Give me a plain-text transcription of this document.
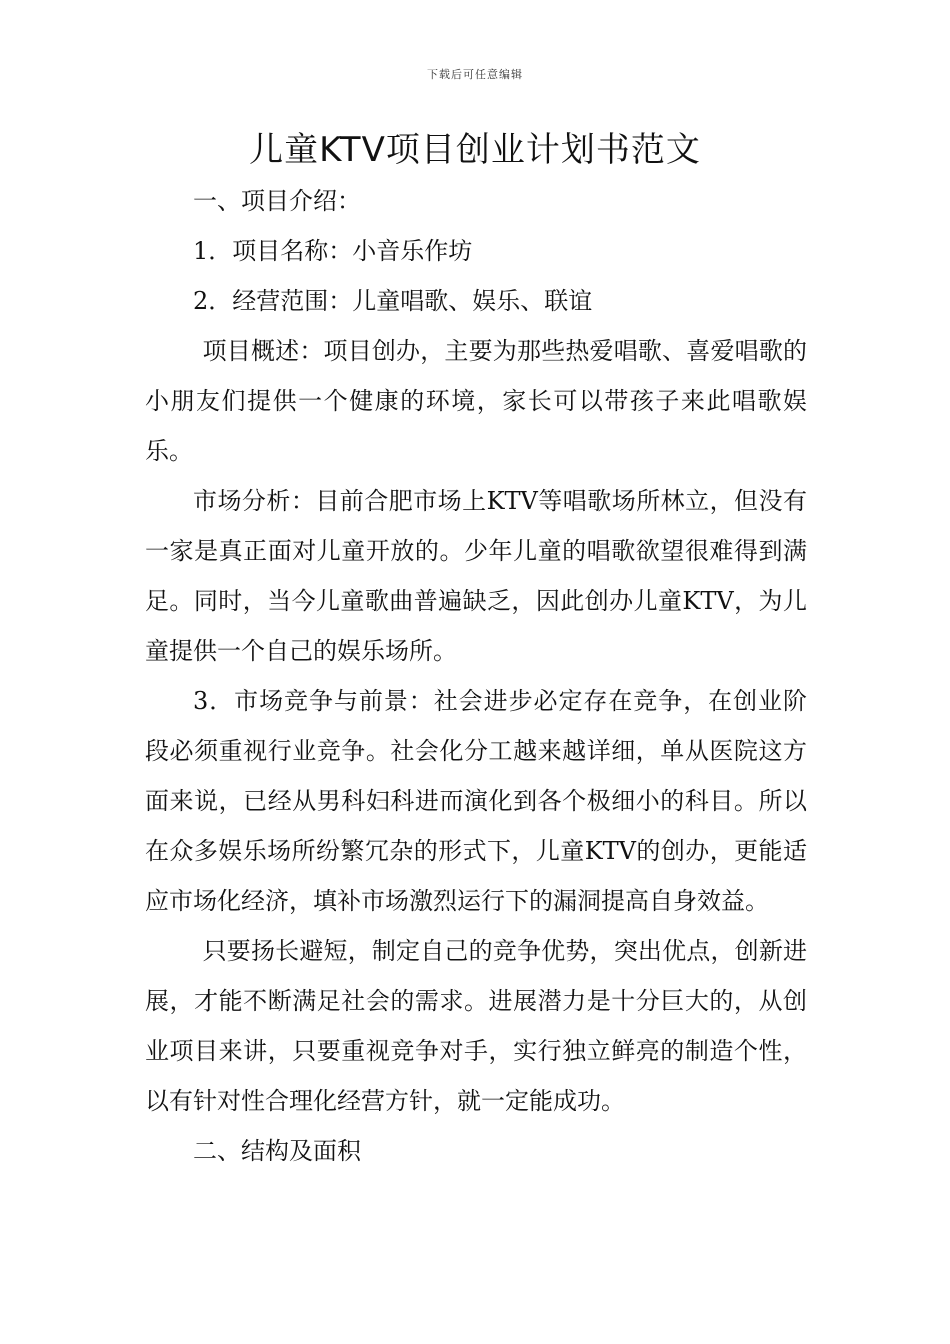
下载后可任意编辑
儿童KTV项目创业计划书范文

一、项目介绍：

1．项目名称：小音乐作坊

2．经营范围：儿童唱歌、娱乐、联谊

项目概述：项目创办，主要为那些热爱唱歌、喜爱唱歌的小朋友们提供一个健康的环境，家长可以带孩子来此唱歌娱乐。

市场分析：目前合肥市场上KTV等唱歌场所林立，但没有一家是真正面对儿童开放的。少年儿童的唱歌欲望很难得到满足。同时，当今儿童歌曲普遍缺乏，因此创办儿童KTV，为儿童提供一个自己的娱乐场所。

3．市场竞争与前景：社会进步必定存在竞争，在创业阶段必须重视行业竞争。社会化分工越来越详细，单从医院这方面来说，已经从男科妇科进而演化到各个极细小的科目。所以在众多娱乐场所纷繁冗杂的形式下，儿童KTV的创办，更能适应市场化经济，填补市场激烈运行下的漏洞提高自身效益。

只要扬长避短，制定自己的竞争优势，突出优点，创新进展，才能不断满足社会的需求。进展潜力是十分巨大的，从创业项目来讲，只要重视竞争对手，实行独立鲜亮的制造个性，以有针对性合理化经营方针，就一定能成功。

二、结构及面积
